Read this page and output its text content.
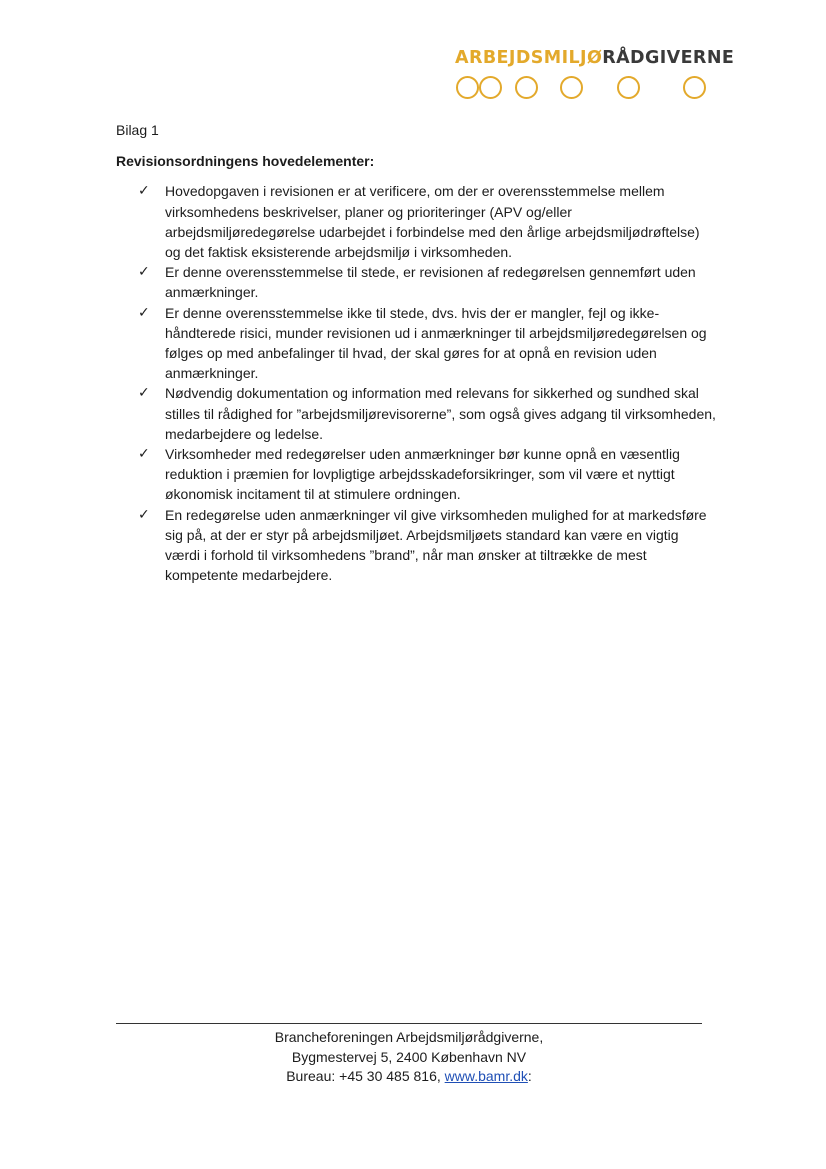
ARBEJDSMILJØRÅDGIVERNE

Bilag 1

Revisionsordningens hovedelementer:

✓ Hovedopgaven i revisionen er at verificere, om der er overensstemmelse mellem virksomhedens beskrivelser, planer og prioriteringer (APV og/eller arbejdsmiljøredegørelse udarbejdet i forbindelse med den årlige arbejdsmiljødrøftelse) og det faktisk eksisterende arbejdsmiljø i virksomheden.
✓ Er denne overensstemmelse til stede, er revisionen af redegørelsen gennemført uden anmærkninger.
✓ Er denne overensstemmelse ikke til stede, dvs. hvis der er mangler, fejl og ikke-håndterede risici, munder revisionen ud i anmærkninger til arbejdsmiljøredegørelsen og følges op med anbefalinger til hvad, der skal gøres for at opnå en revision uden anmærkninger.
✓ Nødvendig dokumentation og information med relevans for sikkerhed og sundhed skal stilles til rådighed for ”arbejdsmiljørevisorerne”, som også gives adgang til virksomheden, medarbejdere og ledelse.
✓ Virksomheder med redegørelser uden anmærkninger bør kunne opnå en væsentlig reduktion i præmien for lovpligtige arbejdsskadeforsikringer, som vil være et nyttigt økonomisk incitament til at stimulere ordningen.
✓ En redegørelse uden anmærkninger vil give virksomheden mulighed for at markedsføre sig på, at der er styr på arbejdsmiljøet. Arbejdsmiljøets standard kan være en vigtig værdi i forhold til virksomhedens ”brand”, når man ønsker at tiltrække de mest kompetente medarbejdere.
Brancheforeningen Arbejdsmiljørådgiverne,
Bygmestervej 5, 2400 København NV
Bureau: +45 30 485 816, www.bamr.dk:
